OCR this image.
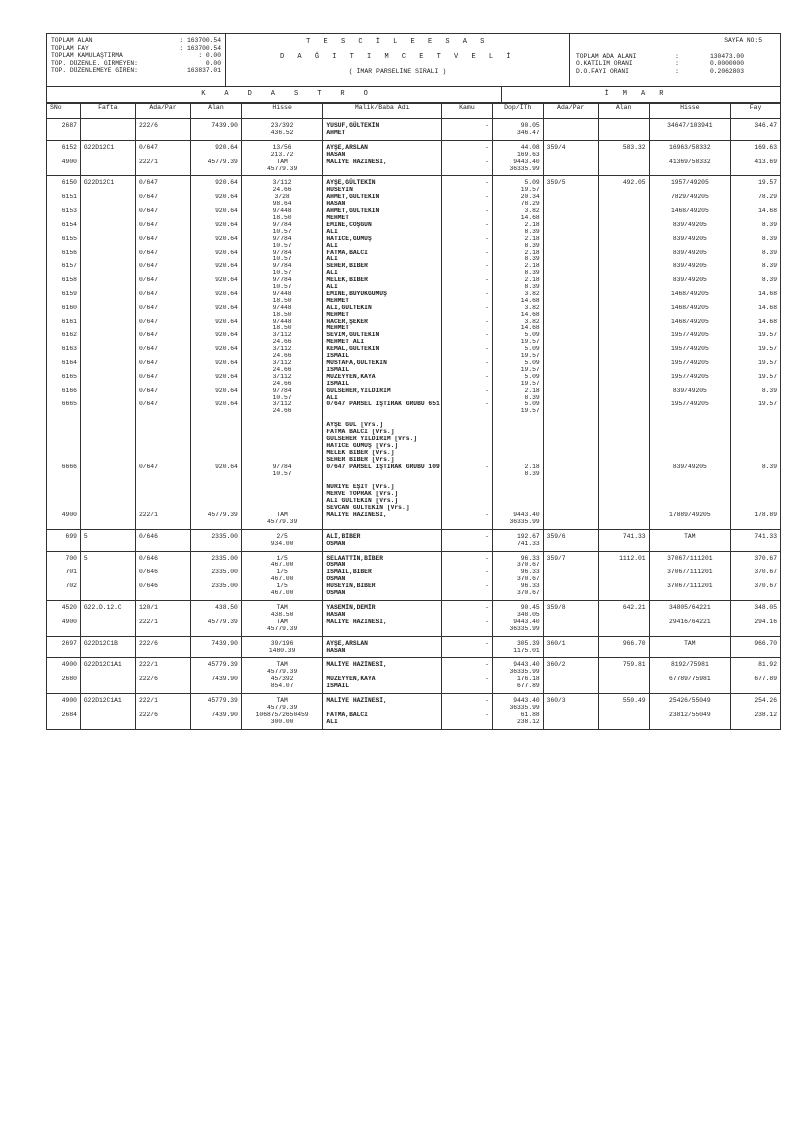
TOPLAM ALAN	: 163700.54
TOPLAM FAY	: 163700.54
TOPLAM KAMULAŞTIRMA	: 0.00
TOP. DÜZENLE. GİRMEYEN:	0.00
TOP. DÜZENLEMEYE GİREN:	163837.01
T E S C İ L E E S A S
D A Ğ I T I M C E T V E L İ
( İMAR PARSELİNE SIRALI )
SAYFA NO:5
TOPLAM ADA ALANI	:	130473.00
O.KATILIM ORANI	:	0.0000000
D.O.FAYI ORANI	:	0.2062803
KADASTRO	İMAR
SNo	Fafta	Ada/Par	Alan	Hisse	Malik/Baba Adı	Kamu	Dop/İTh	Ada/Par	Alan	Hisse	Fay
2687		222/6	7439.90	23/392	YUSUF,GÜLTEKİN	-	90.05			34647/103941	346.47
				436.52	AHMET		346.47				
6152	G22D12C1	0/647	920.64	13/56	AYŞE,ARSLAN	-	44.08	359/4	583.32	16963/58332	169.63
				213.72	HASAN		169.63				
4900		222/1	45779.39	TAM	MALİYE HAZİNESİ,	-	9443.40			41369/58332	413.69
				45779.39			36335.99				
6150	G22D12C1	0/647	920.64	3/112	AYŞE,GÜLTEKİN	-	5.09	359/5	492.05	1957/49205	19.57
				24.66	HÜSEYİN		19.57				
6151		0/647	920.64	3/28	AHMET,GÜLTEKİN	-	20.34			7829/49205	78.29
				98.64	HASAN		78.29				
6153		0/647	920.64	9/448	AHMET,GÜLTEKİN	-	3.82			1468/49205	14.68
				18.50	MEHMET		14.68				
6154		0/647	920.64	9/784	EMİNE,COŞGUN	-	2.18			839/49205	8.39
				10.57	ALİ		8.39				
6155		0/647	920.64	9/784	HATİCE,GÜMÜŞ	-	2.18			839/49205	8.39
				10.57	ALİ		8.39				
6156		0/647	920.64	9/784	FATMA,BALCI	-	2.18			839/49205	8.39
				10.57	ALİ		8.39				
6157		0/647	920.64	9/784	SEHER,BİBER	-	2.18			839/49205	8.39
				10.57	ALİ		8.39				
6158		0/647	920.64	9/784	MELEK,BİBER	-	2.18			839/49205	8.39
				10.57	ALİ		8.39				
6159		0/647	920.64	9/448	EMİNE,BÜYÜKGÜMÜŞ	-	3.82			1468/49205	14.68
				18.50	MEHMET		14.68				
6160		0/647	920.64	9/448	ALİ,GÜLTEKİN	-	3.82			1468/49205	14.68
				18.50	MEHMET		14.68				
6161		0/647	920.64	9/448	HACER,ŞEKER	-	3.82			1468/49205	14.68
				18.50	MEHMET		14.68				
6162		0/647	920.64	3/112	SEVİM,GÜLTEKİN	-	5.09			1957/49205	19.57
				24.66	MEHMET ALİ		19.57				
6163		0/647	920.64	3/112	KEMAL,GÜLTEKİN	-	5.09			1957/49205	19.57
				24.66	İSMAİL		19.57				
6164		0/647	920.64	3/112	MUSTAFA,GÜLTEKİN	-	5.09			1957/49205	19.57
				24.66	İSMAİL		19.57				
6165		0/647	920.64	3/112	MÜZEYYEN,KAYA	-	5.09			1957/49205	19.57
				24.66	İSMAİL		19.57				
6166		0/647	920.64	9/784	GÜLSEHER,YILDIRIM	-	2.18			839/49205	8.39
				10.57	ALİ		8.39				
6665		0/647	920.64	3/112	0/647 PARSEL İŞTİRAK GRUBU 651	-	5.09			1957/49205	19.57
				24.66			19.57				

					AYŞE GÜL [Vrs.]						
					FATMA BALCI [Vrs.]						
					GÜLSEHER YILDIRIM [Vrs.]						
					HATİCE GÜMÜŞ [Vrs.]						
					MELEK BİBER [Vrs.]						
					SEHER BİBER [Vrs.]						
6666		0/647	920.64	9/784	0/647 PARSEL İŞTİRAK GRUBU 109	-	2.18			839/49205	8.39
				10.57			8.39				

					NURİYE EŞİT [Vrs.]						
					MERVE TOPRAK [Vrs.]						
					ALİ GÜLTEKİN [Vrs.]						
					SEVCAN GÜLTEKİN [Vrs.]						
4900		222/1	45779.39	TAM	MALİYE HAZİNESİ,	-	9443.40			17889/49205	178.89
				45779.39			36335.99				
699	5	0/646	2335.00	2/5	ALİ,BİBER	-	192.67	359/6	741.33	TAM	741.33
				934.00	OSMAN		741.33				
700	5	0/646	2335.00	1/5	SELAATTİN,BİBER	-	96.33	359/7	1112.01	37067/111201	370.67
				467.00	OSMAN		370.67				
701		0/646	2335.00	1/5	İSMAİL,BİBER	-	96.33			37067/111201	370.67
				467.00	OSMAN		370.67				
702		0/646	2335.00	1/5	HÜSEYİN,BİBER	-	96.33			37067/111201	370.67
				467.00	OSMAN		370.67				
4520	G22.D.12.C	120/1	438.50	TAM	YASEMİN,DEMİR	-	90.45	359/8	642.21	34805/64221	348.05
				438.50	HASAN		348.05				
4900		222/1	45779.39	TAM	MALİYE HAZİNESİ,	-	9443.40			29416/64221	294.16
				45779.39			36335.99				
2697	G22D12C1B	222/6	7439.90	39/196	AYŞE,ARSLAN	-	305.39	360/1	966.70	TAM	966.70
				1480.39	HASAN		1175.01				
4900	G22D12C1A1	222/1	45779.39	TAM	MALİYE HAZİNESİ,	-	9443.40	360/2	759.81	8192/75981	81.92
				45779.39			36335.99				
2680		222/6	7439.90	45/392	MÜZEYYEN,KAYA	-	176.18			67789/75981	677.89
				854.07	İSMAİL		677.89				
4900	G22D12C1A1	222/1	45779.39	TAM	MALİYE HAZİNESİ,	-	9443.40	360/3	550.49	25426/55049	254.26
				45779.39			36335.99				
2684		222/6	7439.90	106875/2650459	FATMA,BALCI	-	61.88			23812/55049	238.12
				300.00	ALİ		238.12				
